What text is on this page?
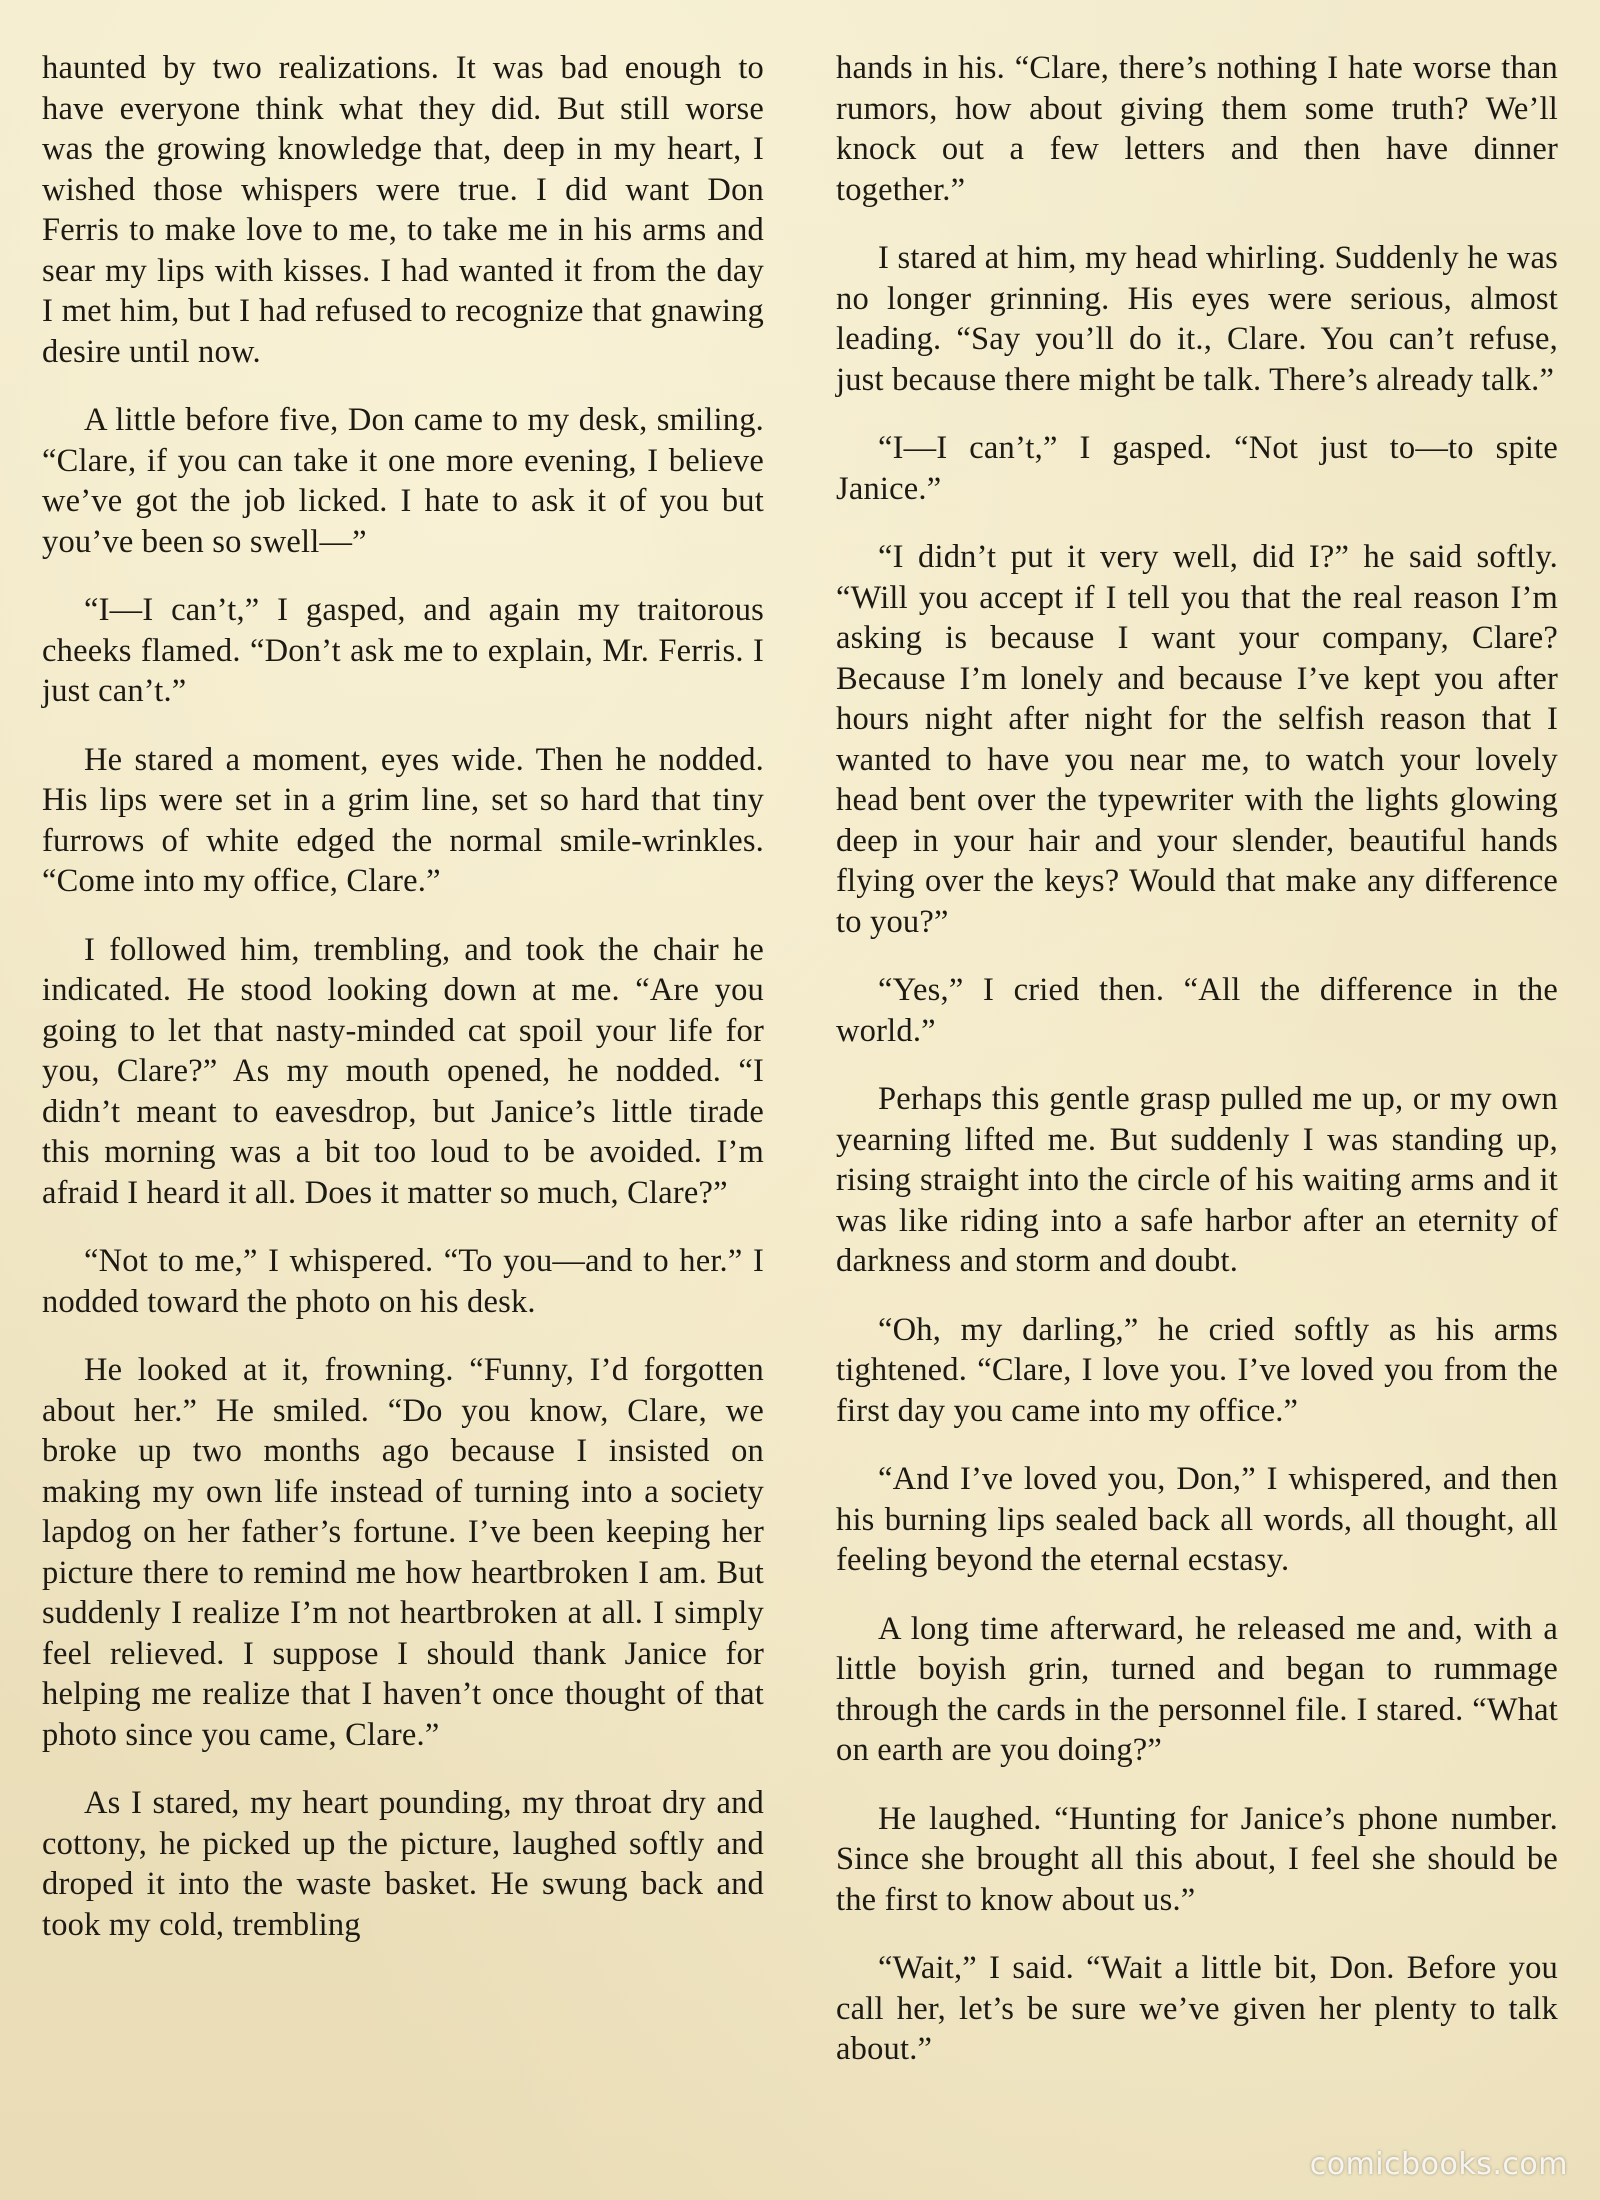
haunted by two realizations. It was bad enough to have everyone think what they did. But still worse was the growing knowledge that, deep in my heart, I wished those whispers were true. I did want Don Ferris to make love to me, to take me in his arms and sear my lips with kisses. I had wanted it from the day I met him, but I had refused to recognize that gnawing desire until now.

A little before five, Don came to my desk, smiling. “Clare, if you can take it one more evening, I believe we’ve got the job licked. I hate to ask it of you but you’ve been so swell—”

“I—I can’t,” I gasped, and again my traitorous cheeks flamed. “Don’t ask me to explain, Mr. Ferris. I just can’t.”

He stared a moment, eyes wide. Then he nodded. His lips were set in a grim line, set so hard that tiny furrows of white edged the normal smile-wrinkles. “Come into my office, Clare.”

I followed him, trembling, and took the chair he indicated. He stood looking down at me. “Are you going to let that nasty-minded cat spoil your life for you, Clare?” As my mouth opened, he nodded. “I didn’t meant to eavesdrop, but Janice’s little tirade this morning was a bit too loud to be avoided. I’m afraid I heard it all. Does it matter so much, Clare?”

“Not to me,” I whispered. “To you—and to her.” I nodded toward the photo on his desk.

He looked at it, frowning. “Funny, I’d forgotten about her.” He smiled. “Do you know, Clare, we broke up two months ago because I insisted on making my own life instead of turning into a society lapdog on her father’s fortune. I’ve been keeping her picture there to remind me how heartbroken I am. But suddenly I realize I’m not heartbroken at all. I simply feel relieved. I suppose I should thank Janice for helping me realize that I haven’t once thought of that photo since you came, Clare.”

As I stared, my heart pounding, my throat dry and cottony, he picked up the picture, laughed softly and droped it into the waste basket. He swung back and took my cold, trembling

hands in his. “Clare, there’s nothing I hate worse than rumors, how about giving them some truth? We’ll knock out a few letters and then have dinner together.”

I stared at him, my head whirling. Suddenly he was no longer grinning. His eyes were serious, almost leading. “Say you’ll do it., Clare. You can’t refuse, just because there might be talk. There’s already talk.”

“I—I can’t,” I gasped. “Not just to—to spite Janice.”

“I didn’t put it very well, did I?” he said softly. “Will you accept if I tell you that the real reason I’m asking is because I want your company, Clare? Because I’m lonely and because I’ve kept you after hours night after night for the selfish reason that I wanted to have you near me, to watch your lovely head bent over the typewriter with the lights glowing deep in your hair and your slender, beautiful hands flying over the keys? Would that make any difference to you?”

“Yes,” I cried then. “All the difference in the world.”

Perhaps this gentle grasp pulled me up, or my own yearning lifted me. But suddenly I was standing up, rising straight into the circle of his waiting arms and it was like riding into a safe harbor after an eternity of darkness and storm and doubt.

“Oh, my darling,” he cried softly as his arms tightened. “Clare, I love you. I’ve loved you from the first day you came into my office.”

“And I’ve loved you, Don,” I whispered, and then his burning lips sealed back all words, all thought, all feeling beyond the eternal ecstasy.

A long time afterward, he released me and, with a little boyish grin, turned and began to rummage through the cards in the personnel file. I stared. “What on earth are you doing?”

He laughed. “Hunting for Janice’s phone number. Since she brought all this about, I feel she should be the first to know about us.”

“Wait,” I said. “Wait a little bit, Don. Before you call her, let’s be sure we’ve given her plenty to talk about.”

comicbooks.com
